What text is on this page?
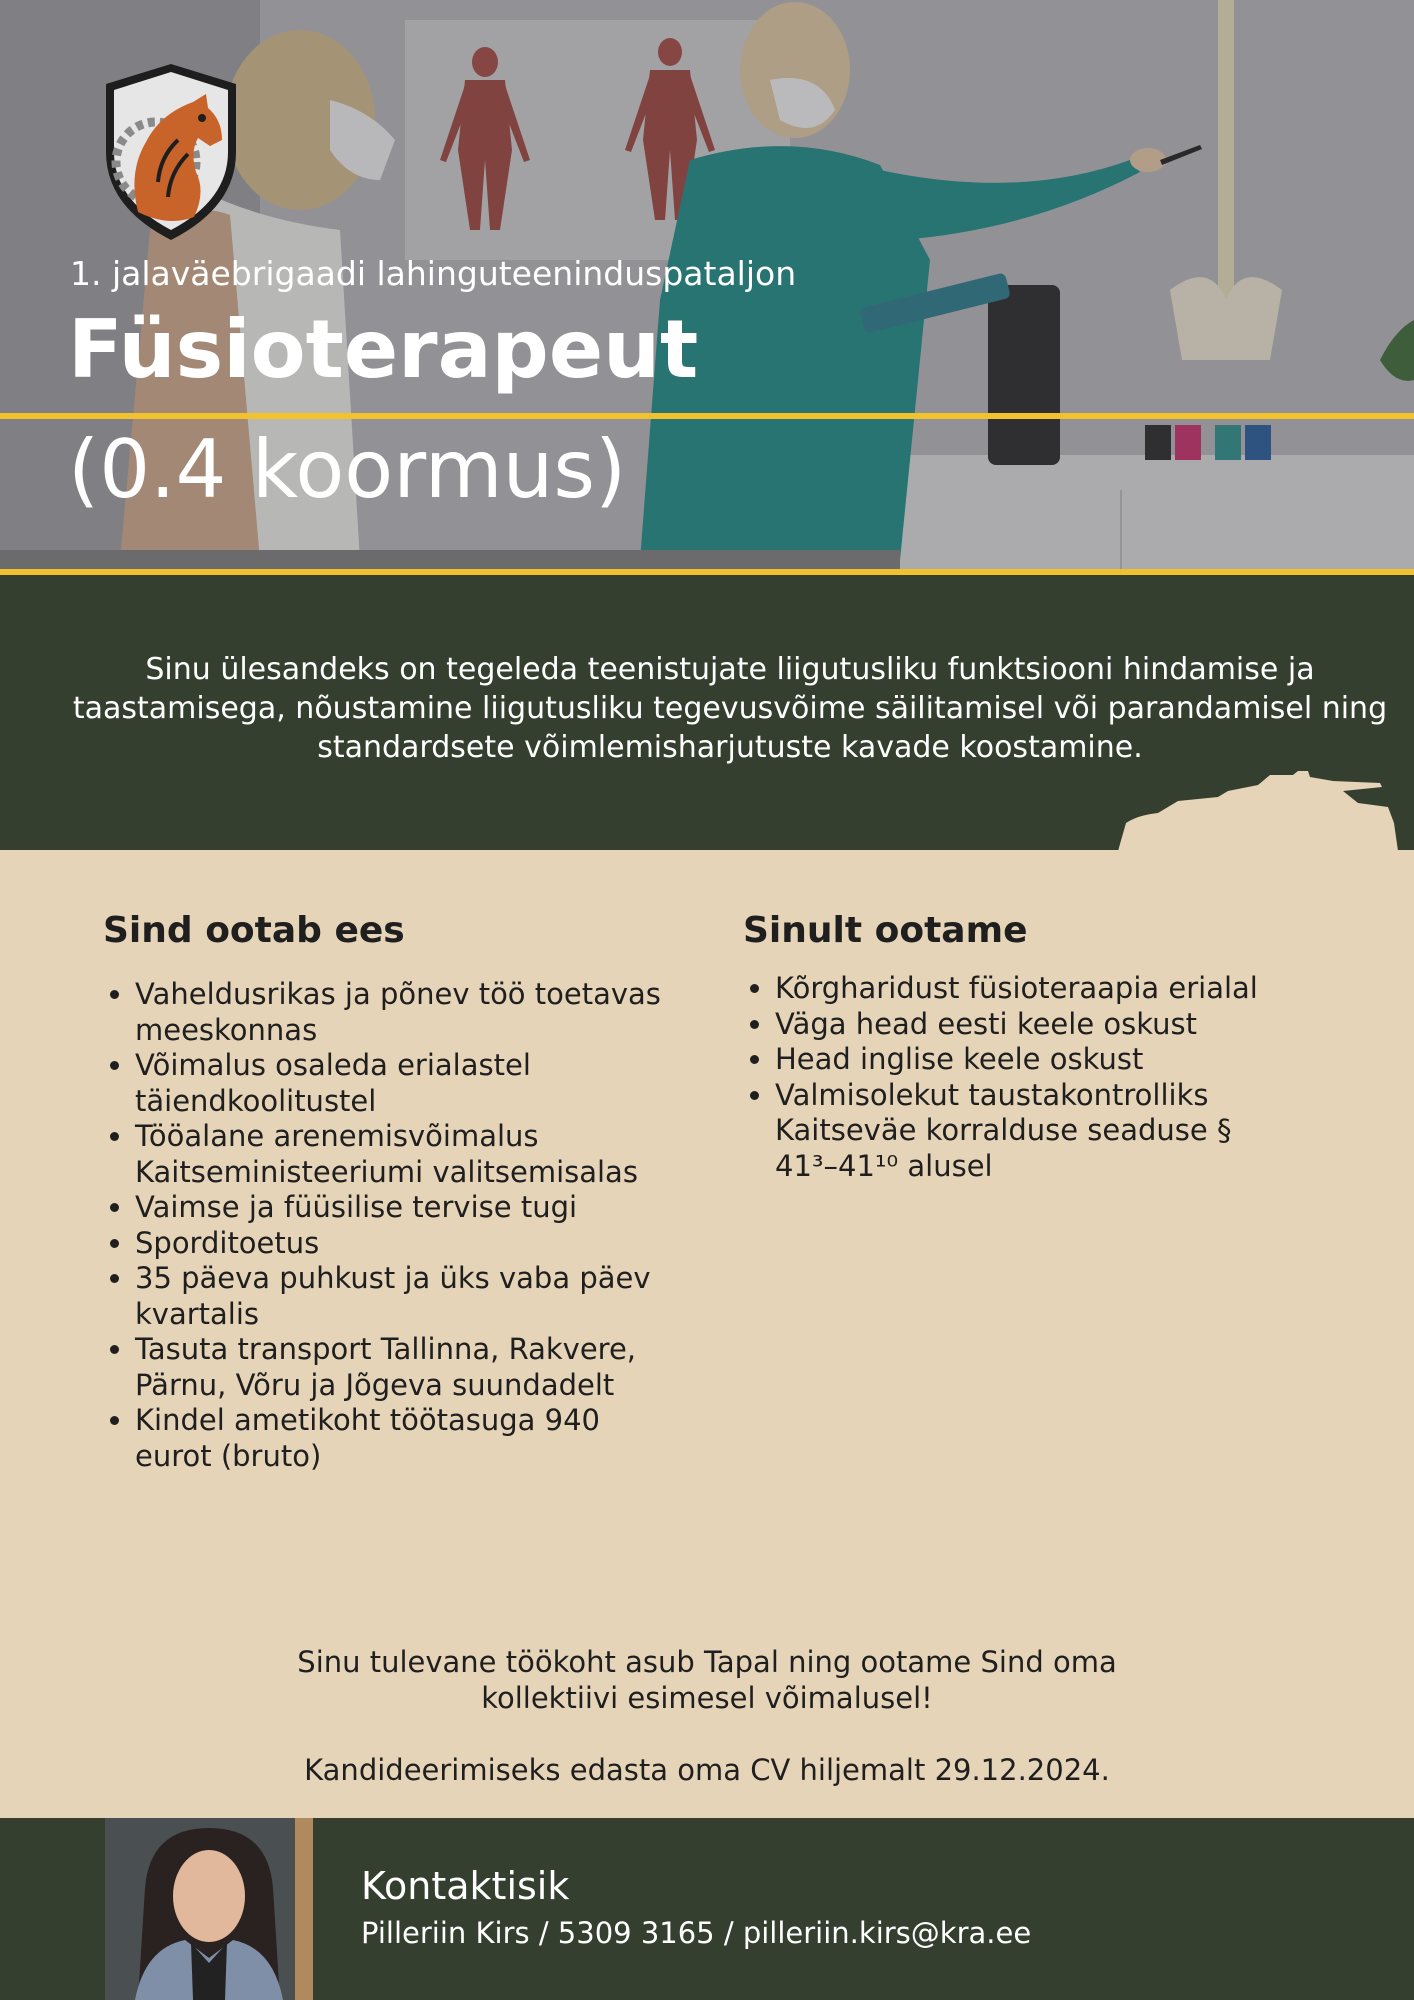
1. jalaväebrigaadi lahinguteeninduspataljon
Füsioterapeut
(0.4 koormus)
Sinu ülesandeks on tegeleda teenistujate liigutusliku funktsiooni hindamise ja taastamisega, nõustamine liigutusliku tegevusvõime säilitamisel või parandamisel ning standardsete võimlemisharjutuste kavade koostamine.
Sind ootab ees
• Vaheldusrikas ja põnev töö toetavas meeskonnas
• Võimalus osaleda erialastel täiendkoolitustel
• Tööalane arenemisvõimalus Kaitseministeeriumi valitsemisalas
• Vaimse ja füüsilise tervise tugi
• Sporditoetus
• 35 päeva puhkust ja üks vaba päev kvartalis
• Tasuta transport Tallinna, Rakvere, Pärnu, Võru ja Jõgeva suundadelt
• Kindel ametikoht töötasuga 940 eurot (bruto)
Sinult ootame
• Kõrgharidust füsioteraapia erialal
• Väga head eesti keele oskust
• Head inglise keele oskust
• Valmisolekut taustakontrolliks Kaitseväe korralduse seaduse § 41³–41¹⁰ alusel

Sinu tulevane töökoht asub Tapal ning ootame Sind oma kollektiivi esimesel võimalusel!

Kandideerimiseks edasta oma CV hiljemalt 29.12.2024.

Kontaktisik
Pilleriin Kirs / 5309 3165 / pilleriin.kirs@kra.ee
